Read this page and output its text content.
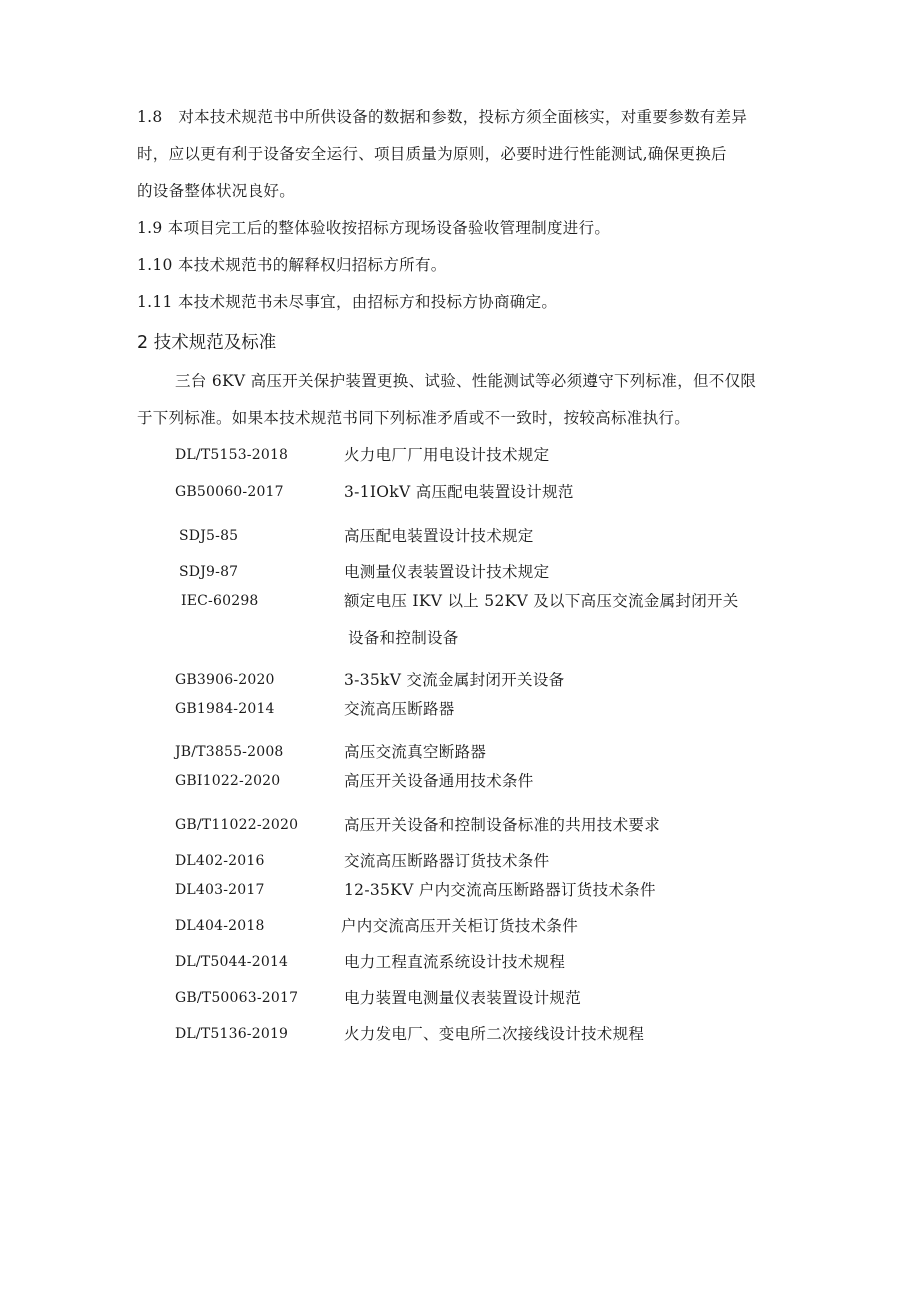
1.8　对本技术规范书中所供设备的数据和参数，投标方须全面核实，对重要参数有差异
时，应以更有利于设备安全运行、项目质量为原则，必要时进行性能测试,确保更换后
的设备整体状况良好。
1.9 本项目完工后的整体验收按招标方现场设备验收管理制度进行。
1.10 本技术规范书的解释权归招标方所有。
1.11 本技术规范书未尽事宜，由招标方和投标方协商确定。
2 技术规范及标准
三台 6KV 高压开关保护装置更换、试验、性能测试等必须遵守下列标准，但不仅限
于下列标准。如果本技术规范书同下列标准矛盾或不一致时，按较高标准执行。
DL/T5153-2018	火力电厂厂用电设计技术规定
GB50060-2017	3-1IOkV 高压配电装置设计规范
SDJ5-85	高压配电装置设计技术规定
SDJ9-87	电测量仪表装置设计技术规定
IEC-60298	额定电压 IKV 以上 52KV 及以下高压交流金属封闭开关
设备和控制设备
GB3906-2020	3-35kV 交流金属封闭开关设备
GB1984-2014	交流高压断路器
JB/T3855-2008	高压交流真空断路器
GBI1022-2020	高压开关设备通用技术条件
GB/T11022-2020	高压开关设备和控制设备标准的共用技术要求
DL402-2016	交流高压断路器订货技术条件
DL403-2017	12-35KV 户内交流高压断路器订货技术条件
DL404-2018	户内交流高压开关柜订货技术条件
DL/T5044-2014	电力工程直流系统设计技术规程
GB/T50063-2017	电力装置电测量仪表装置设计规范
DL/T5136-2019	火力发电厂、变电所二次接线设计技术规程
